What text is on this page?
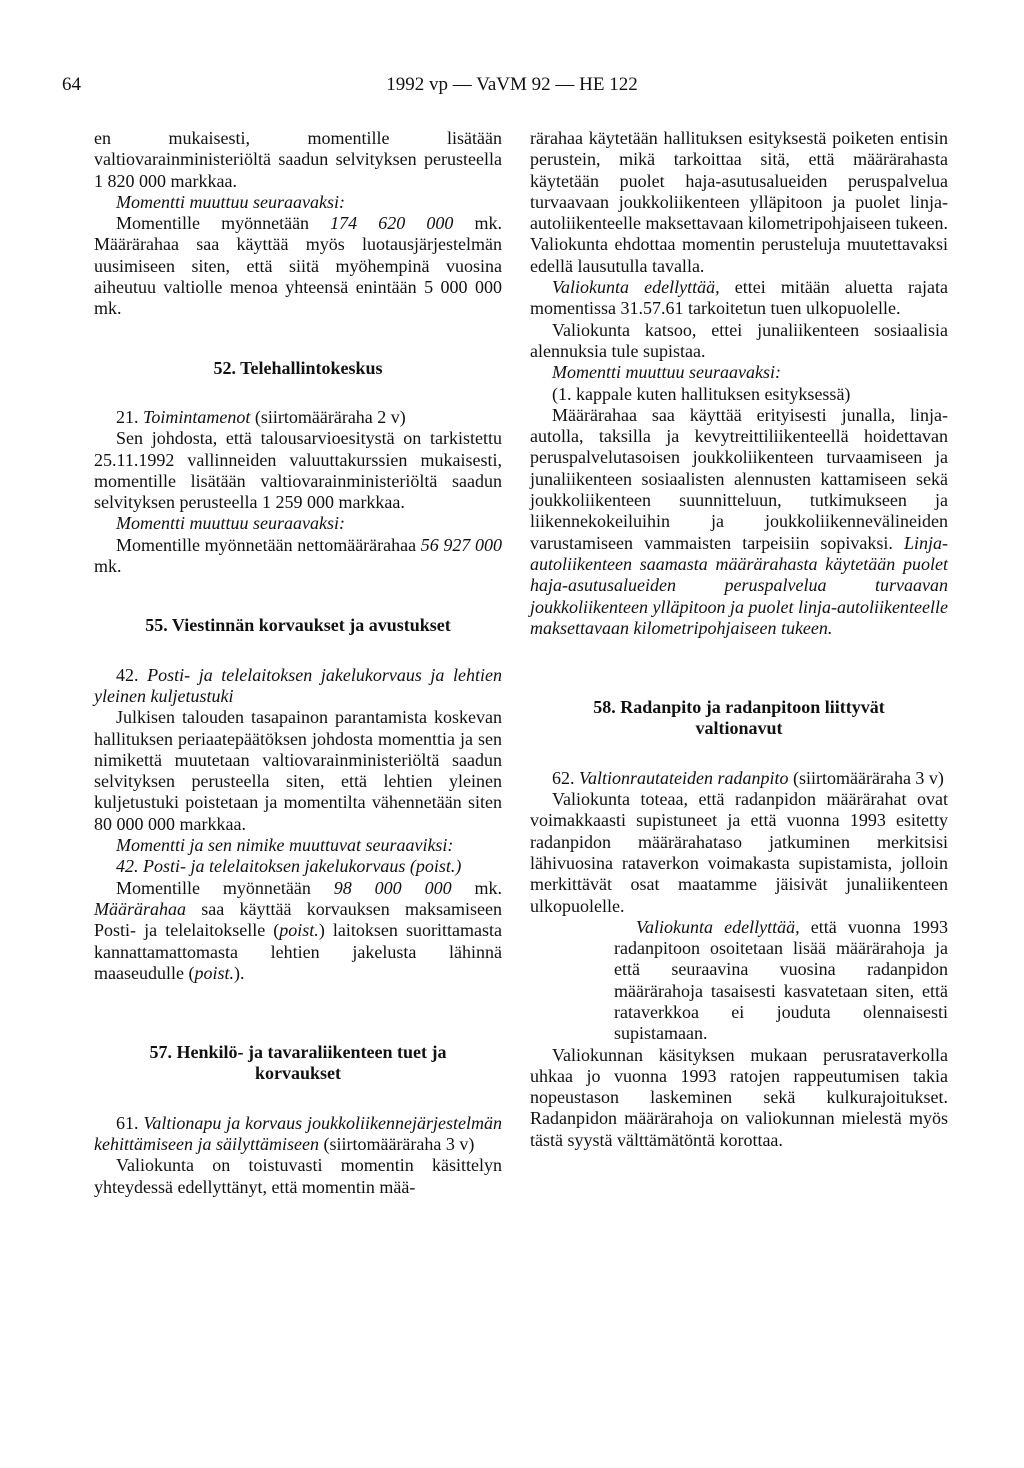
64	1992 vp — VaVM 92 — HE 122

en mukaisesti, momentille lisätään valtiovarainministeriöltä saadun selvityksen perusteella 1 820 000 markkaa.

Momentti muuttuu seuraavaksi:

Momentille myönnetään 174 620 000 mk. Määrärahaa saa käyttää myös luotausjärjestelmän uusimiseen siten, että siitä myöhempinä vuosina aiheutuu valtiolle menoa yhteensä enintään 5 000 000 mk.

52. Telehallintokeskus

21. Toimintamenot (siirtomääräraha 2 v)

Sen johdosta, että talousarvioesitystä on tarkistettu 25.11.1992 vallinneiden valuuttakurssien mukaisesti, momentille lisätään valtiovarainministeriöltä saadun selvityksen perusteella 1 259 000 markkaa.

Momentti muuttuu seuraavaksi:

Momentille myönnetään nettomäärärahaa 56 927 000 mk.

55. Viestinnän korvaukset ja avustukset

42. Posti- ja telelaitoksen jakelukorvaus ja lehtien yleinen kuljetustuki

Julkisen talouden tasapainon parantamista koskevan hallituksen periaatepäätöksen johdosta momenttia ja sen nimikettä muutetaan valtiovarainministeriöltä saadun selvityksen perusteella siten, että lehtien yleinen kuljetustuki poistetaan ja momentilta vähennetään siten 80 000 000 markkaa.

Momentti ja sen nimike muuttuvat seuraaviksi:

42. Posti- ja telelaitoksen jakelukorvaus (poist.)

Momentille myönnetään 98 000 000 mk. Määrärahaa saa käyttää korvauksen maksamiseen Posti- ja telelaitokselle (poist.) laitoksen suorittamasta kannattamattomasta lehtien jakelusta lähinnä maaseudulle (poist.).

57. Henkilö- ja tavaraliikenteen tuet ja korvaukset

61. Valtionapu ja korvaus joukkoliikennejärjestelmän kehittämiseen ja säilyttämiseen (siirtomääräraha 3 v)

Valiokunta on toistuvasti momentin käsittelyn yhteydessä edellyttänyt, että momentin mää-

rärahaa käytetään hallituksen esityksestä poiketen entisin perustein, mikä tarkoittaa sitä, että määrärahasta käytetään puolet haja-asutusalueiden peruspalvelua turvaavaan joukkoliikenteen ylläpitoon ja puolet linja-autoliikenteelle maksettavaan kilometripohjaiseen tukeen. Valiokunta ehdottaa momentin perusteluja muutettavaksi edellä lausutulla tavalla.

Valiokunta edellyttää, ettei mitään aluetta rajata momentissa 31.57.61 tarkoitetun tuen ulkopuolelle.

Valiokunta katsoo, ettei junaliikenteen sosiaalisia alennuksia tule supistaa.

Momentti muuttuu seuraavaksi:

(1. kappale kuten hallituksen esityksessä)

Määrärahaa saa käyttää erityisesti junalla, linja-autolla, taksilla ja kevytreittiliikenteellä hoidettavan peruspalvelutasoisen joukkoliikenteen turvaamiseen ja junaliikenteen sosiaalisten alennusten kattamiseen sekä joukkoliikenteen suunnitteluun, tutkimukseen ja liikennekokeiluihin ja joukkoliikennevälineiden varustamiseen vammaisten tarpeisiin sopivaksi. Linja-autoliikenteen saamasta määrärahasta käytetään puolet haja-asutusalueiden peruspalvelua turvaavan joukkoliikenteen ylläpitoon ja puolet linja-autoliikenteelle maksettavaan kilometripohjaiseen tukeen.

58. Radanpito ja radanpitoon liittyvät valtionavut

62. Valtionrautateiden radanpito (siirtomääräraha 3 v)

Valiokunta toteaa, että radanpidon määrärahat ovat voimakkaasti supistuneet ja että vuonna 1993 esitetty radanpidon määrärahataso jatkuminen merkitsisi lähivuosina rataverkon voimakasta supistamista, jolloin merkittävät osat maatamme jäisivät junaliikenteen ulkopuolelle.

Valiokunta edellyttää, että vuonna 1993 radanpitoon osoitetaan lisää määrärahoja ja että seuraavina vuosina radanpidon määrärahoja tasaisesti kasvatetaan siten, että rataverkkoa ei jouduta olennaisesti supistamaan.

Valiokunnan käsityksen mukaan perusrataverkolla uhkaa jo vuonna 1993 ratojen rappeutumisen takia nopeustason laskeminen sekä kulkurajoitukset. Radanpidon määrärahoja on valiokunnan mielestä myös tästä syystä välttämätöntä korottaa.
